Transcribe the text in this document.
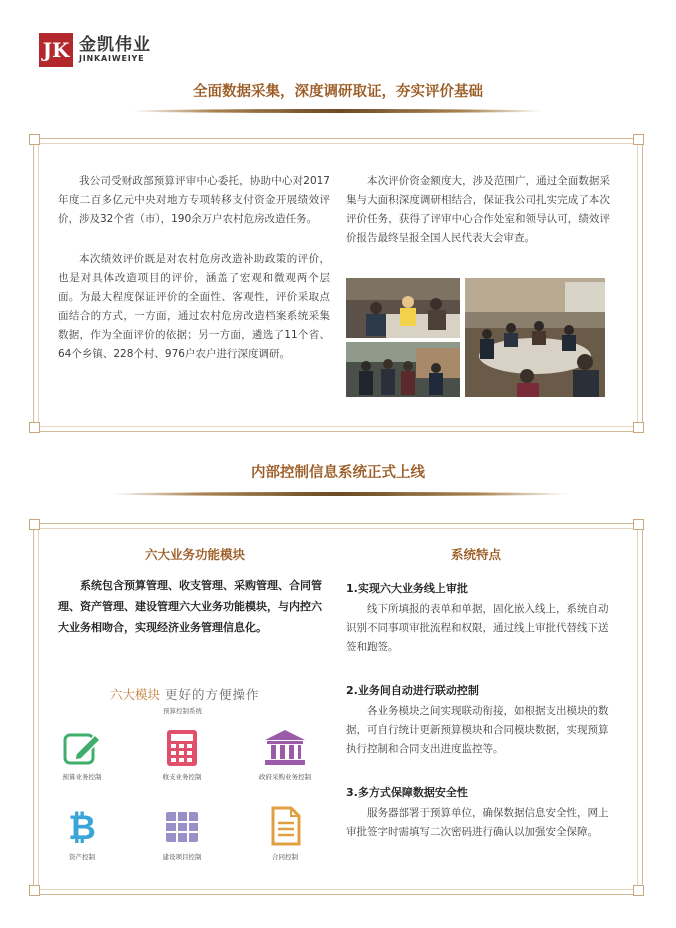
JK 金凯伟业
JINKAIWEIYE
全面数据采集，深度调研取证，夯实评价基础

我公司受财政部预算评审中心委托，协助中心对2017年度二百多亿元中央对地方专项转移支付资金开展绩效评价，涉及32个省（市），190余万户农村危房改造任务。

本次绩效评价既是对农村危房改造补助政策的评价，也是对具体改造项目的评价，涵盖了宏观和微观两个层面。为最大程度保证评价的全面性、客观性，评价采取点面结合的方式，一方面，通过农村危房改造档案系统采集数据，作为全面评价的依据；另一方面，遴选了11个省、64个乡镇、228个村、976户农户进行深度调研。

本次评价资金额度大，涉及范围广，通过全面数据采集与大面积深度调研相结合，保证我公司扎实完成了本次评价任务，获得了评审中心合作处室和领导认可，绩效评价报告最终呈报全国人民代表大会审查。

内部控制信息系统正式上线
六大业务功能模块

系统包含预算管理、收支管理、采购管理、合同管理、资产管理、建设管理六大业务功能模块，与内控六大业务相吻合，实现经济业务管理信息化。

六大模块 更好的方便操作
预算控制系统
预算业务控制	收支业务控制	政府采购业务控制
₿
资产控制	建设项目控制	合同控制
系统特点
1.实现六大业务线上审批

线下所填报的表单和单据，固化嵌入线上，系统自动识别不同事项审批流程和权限，通过线上审批代替线下送签和跑签。

2.业务间自动进行联动控制

各业务模块之间实现联动衔接，如根据支出模块的数据，可自行统计更新预算模块和合同模块数据，实现预算执行控制和合同支出进度监控等。

3.多方式保障数据安全性

服务器部署于预算单位，确保数据信息安全性，网上审批签字时需填写二次密码进行确认以加强安全保障。
